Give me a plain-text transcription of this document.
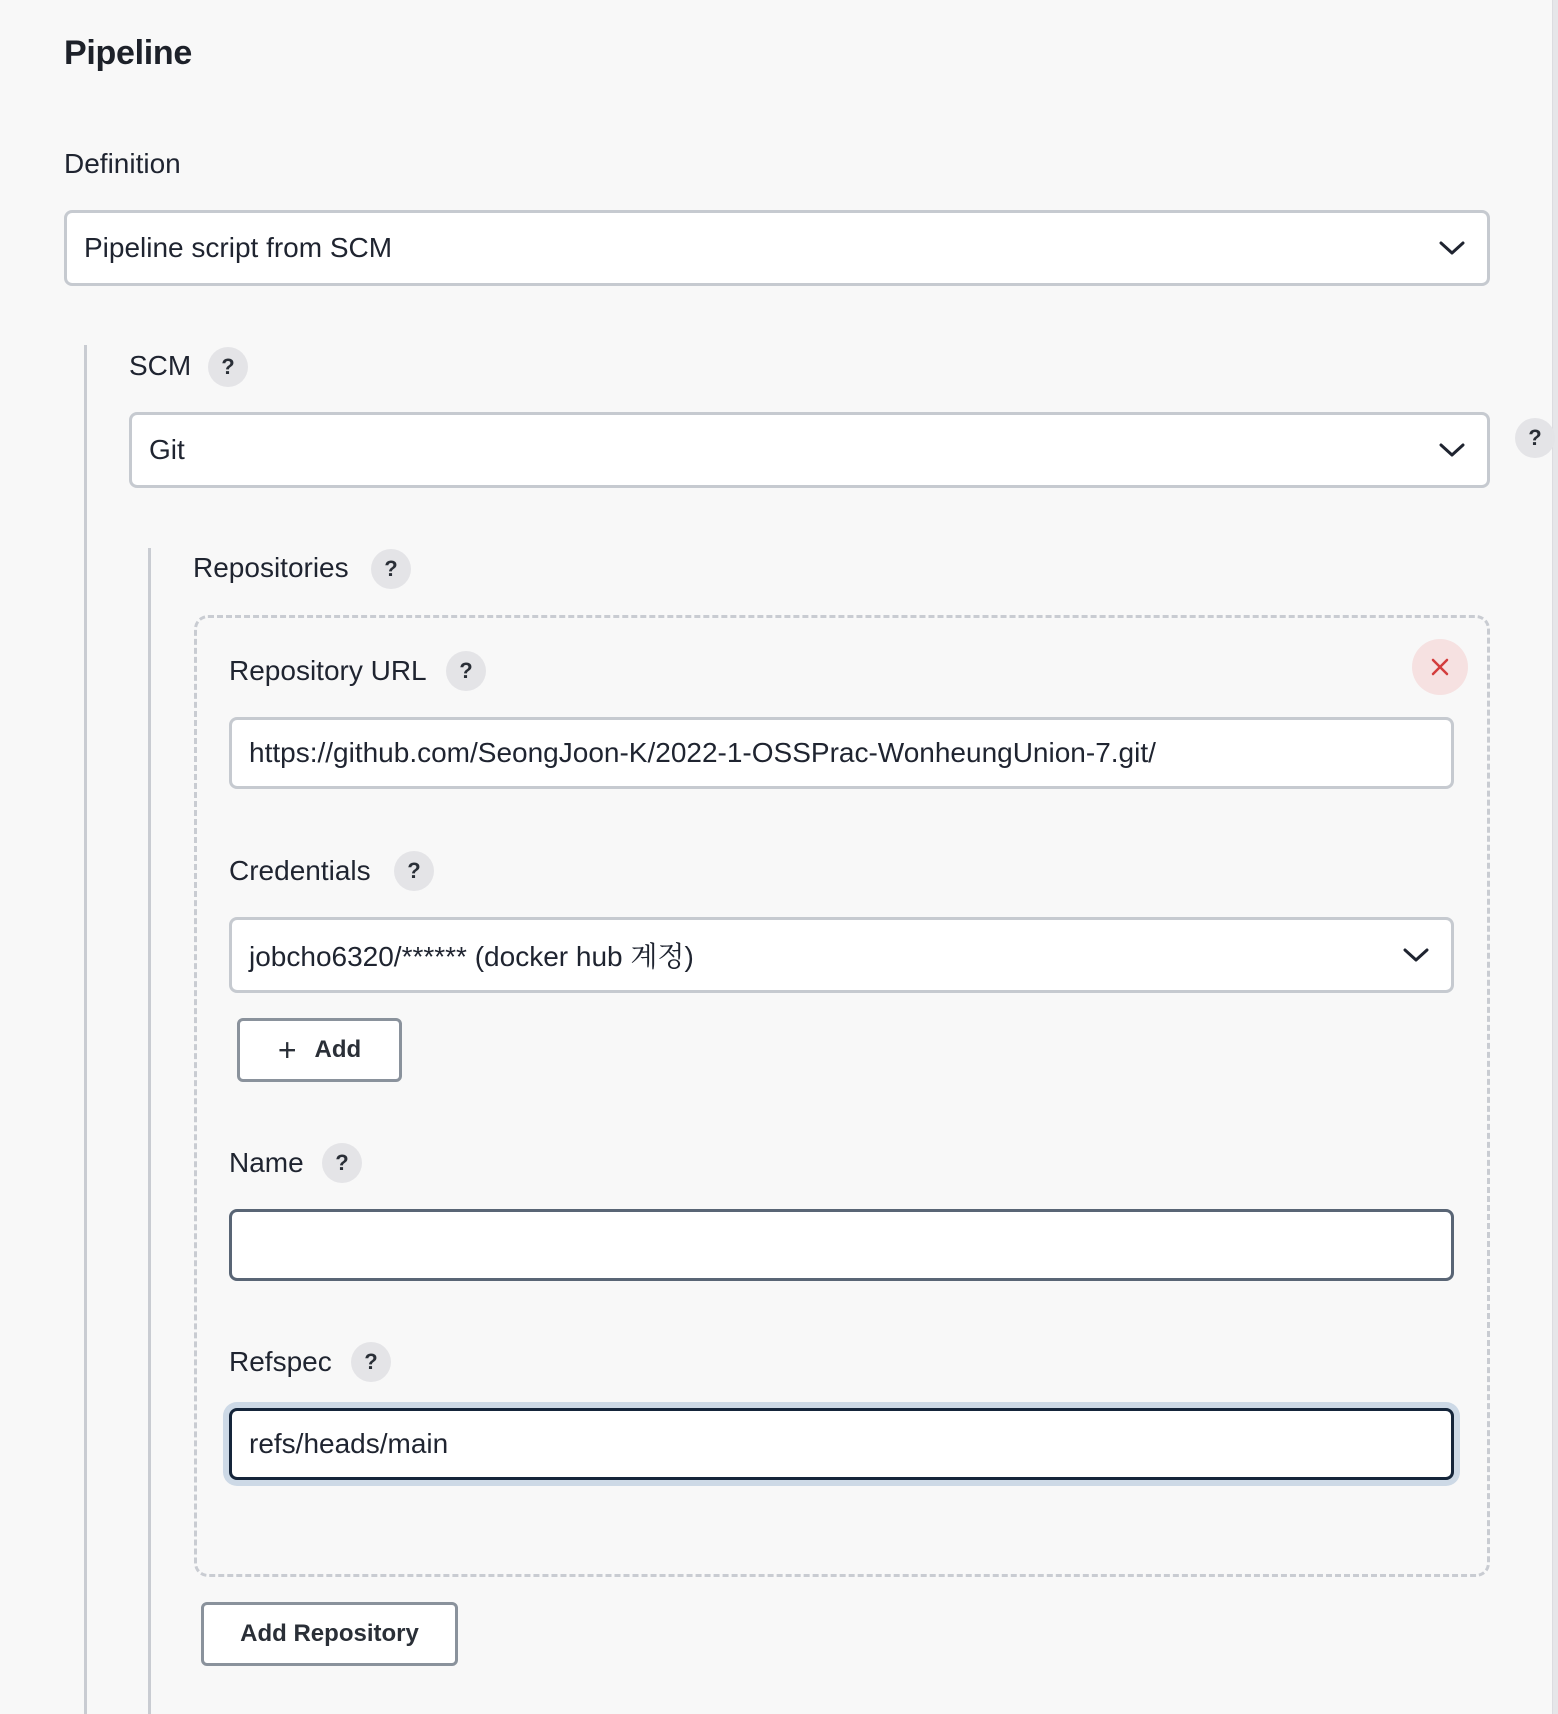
Pipeline
Definition
Pipeline script from SCM
SCM	?
Git	?
Repositories	?
Repository URL	?
https://github.com/SeongJoon-K/2022-1-OSSPrac-WonheungUnion-7.git/
Credentials	?
jobcho6320/****** (docker hub 계정)
+ Add
Name	?
Refspec	?
refs/heads/main
Add Repository
